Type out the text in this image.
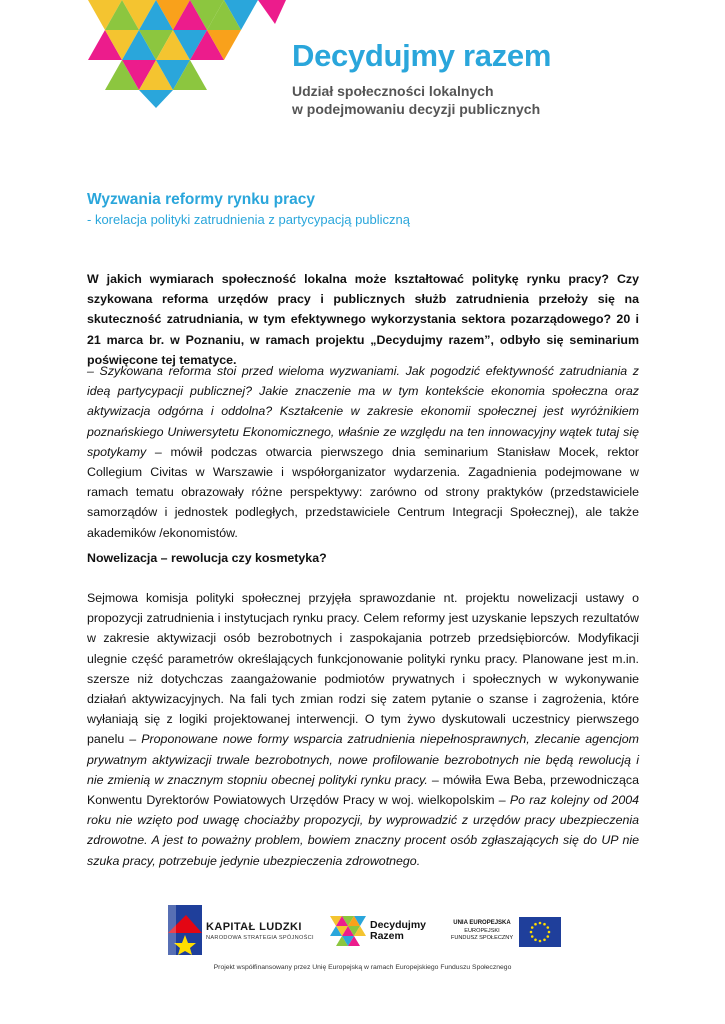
Decydujmy razem
Udział społeczności lokalnych
w podejmowaniu decyzji publicznych
Wyzwania reformy rynku pracy
- korelacja polityki zatrudnienia z partycypacją publiczną
W jakich wymiarach społeczność lokalna może kształtować politykę rynku pracy? Czy szykowana reforma urzędów pracy i publicznych służb zatrudnienia przełoży się na skuteczność zatrudniania, w tym efektywnego wykorzystania sektora pozarządowego? 20 i 21 marca br. w Poznaniu, w ramach projektu „Decydujmy razem”, odbyło się seminarium poświęcone tej tematyce.
– Szykowana reforma stoi przed wieloma wyzwaniami. Jak pogodzić efektywność zatrudniania z ideą partycypacji publicznej? Jakie znaczenie ma w tym kontekście ekonomia społeczna oraz aktywizacja odgórna i oddolna? Kształcenie w zakresie ekonomii społecznej jest wyróżnikiem poznańskiego Uniwersytetu Ekonomicznego, właśnie ze względu na ten innowacyjny wątek tutaj się spotykamy – mówił podczas otwarcia pierwszego dnia seminarium Stanisław Mocek, rektor Collegium Civitas w Warszawie i współorganizator wydarzenia. Zagadnienia podejmowane w ramach tematu obrazowały różne perspektywy: zarówno od strony praktyków (przedstawiciele samorządów i jednostek podległych, przedstawiciele Centrum Integracji Społecznej), ale także akademików /ekonomistów.
Nowelizacja – rewolucja czy kosmetyka?
Sejmowa komisja polityki społecznej przyjęła sprawozdanie nt. projektu nowelizacji ustawy o propozycji zatrudnienia i instytucjach rynku pracy. Celem reformy jest uzyskanie lepszych rezultatów w zakresie aktywizacji osób bezrobotnych i zaspokajania potrzeb przedsiębiorców. Modyfikacji ulegnie część parametrów określających funkcjonowanie polityki rynku pracy. Planowane jest m.in. szersze niż dotychczas zaangażowanie podmiotów prywatnych i społecznych w wykonywanie działań aktywizacyjnych. Na fali tych zmian rodzi się zatem pytanie o szanse i zagrożenia, które wyłaniają się z logiki projektowanej interwencji. O tym żywo dyskutowali uczestnicy pierwszego panelu – Proponowane nowe formy wsparcia zatrudnienia niepełnosprawnych, zlecanie agencjom prywatnym aktywizacji trwale bezrobotnych, nowe profilowanie bezrobotnych nie będą rewolucją i nie zmienią w znacznym stopniu obecnej polityki rynku pracy. – mówiła Ewa Beba, przewodnicząca Konwentu Dyrektorów Powiatowych Urzędów Pracy w woj. wielkopolskim – Po raz kolejny od 2004 roku nie wzięto pod uwagę chociażby propozycji, by wyprowadzić z urzędów pracy ubezpieczenia zdrowotne. A jest to poważny problem, bowiem znaczny procent osób zgłaszających się do UP nie szuka pracy, potrzebuje jedynie ubezpieczenia zdrowotnego.
KAPITAŁ LUDZKI
NARODOWA STRATEGIA SPÓJNOŚCI
Decydujmy
Razem
UNIA EUROPEJSKA
EUROPEJSKI
FUNDUSZ SPOŁECZNY
Projekt współfinansowany przez Unię Europejską w ramach Europejskiego Funduszu Społecznego
